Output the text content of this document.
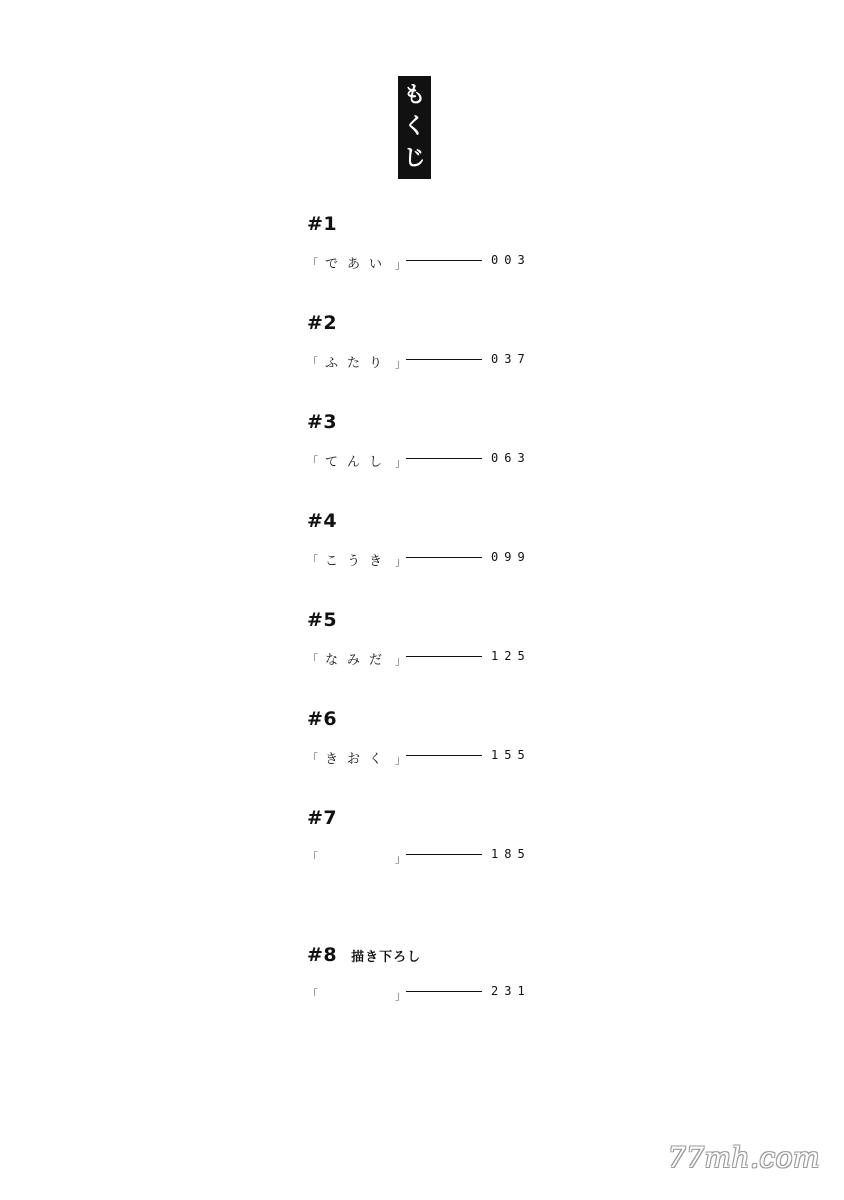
も
く
じ
#1
「 であい 」	003
#2
「 ふたり 」	037
#3
「 てんし 」	063
#4
「 こうき 」	099
#5
「 なみだ 」	125
#6
「 きおく 」	155
#7
「	」	185
#8 描き下ろし
「	」	231
77mh.com
